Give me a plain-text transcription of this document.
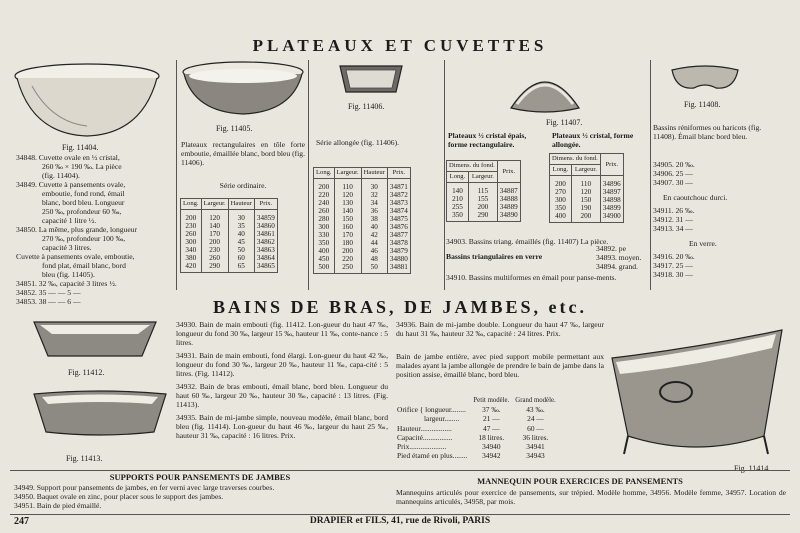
PLATEAUX ET CUVETTES
BAINS DE BRAS, DE JAMBES, etc.
Fig. 11404.
Fig. 11405.
Fig. 11406.
Fig. 11407.
Fig. 11408.
34848. Cuvette ovale en ½ cristal,
260 ‰ × 190 ‰. La pièce
(fig. 11404).
34849. Cuvette à pansements ovale,
emboutie, fond rond, émail
blanc, bord bleu. Longueur
250 ‰, profondeur 60 ‰,
capacité 1 litre ½.
34850. La même, plus grande, longueur
270 ‰, profondeur 100 ‰,
capacité 3 litres.
Cuvette à pansements ovale, emboutie,
fond plat, émail blanc, bord
bleu (fig. 11405).
34851. 32 ‰, capacité 3 litres ½.
34852. 35 — — 5 —
34853. 38 — — 6 —
Plateaux rectangulaires en tôle forte emboutie, émaillée blanc, bord bleu (fig. 11406).
Série ordinaire.
Long.	Largeur.	Hauteur	Prix.
200	120	30	34859
230	140	35	34860
260	170	40	34861
300	200	45	34862
340	230	50	34863
380	260	60	34864
420	290	65	34865

Série allongée (fig. 11406).
Long.	Largeur.	Hauteur	Prix.
200	110	30	34871
220	120	32	34872
240	130	34	34873
260	140	36	34874
280	150	38	34875
300	160	40	34876
330	170	42	34877
350	180	44	34878
400	200	46	34879
450	220	48	34880
500	250	50	34881

Plateaux ½ cristal épais, forme rectangulaire.
Plateaux ½ cristal, forme allongée.
Dimens. du fond.		Prix.
Long.	Largeur.	
140	115	34887
210	155	34888
255	200	34889
350	290	34890

Dimens. du fond.		Prix.
Long.	Largeur.	
200	110	34896
270	120	34897
300	150	34898
350	190	34899
400	200	34900

34903. Bassins triang. émaillés (fig. 11407) La pièce.
Bassins triangulaires en verre
34892. pe
34893. moyen.
34894. grand.
34910. Bassins multiformes en émail pour panse-ments.
Bassins réniformes ou haricots (fig. 11408). Émail blanc bord bleu.
34905. 20 ‰.
34906. 25 —
34907. 30 —
En caoutchouc durci.
34911. 26 ‰.
34912. 31 —
34913. 34 —
En verre.
34916. 20 ‰.
34917. 25 —
34918. 30 —
Fig. 11412.
Fig. 11413.
Fig. 11414.
34930. Bain de main embouti (fig. 11412. Lon-gueur du haut 47 ‰, longueur du fond 30 ‰, largeur 15 ‰, hauteur 11 ‰, conte-nance : 5 litres.
34931. Bain de main embouti, fond élargi. Lon-gueur du haut 42 ‰, longueur du fond 30 ‰, largeur 20 ‰, hauteur 11 ‰, capa-cité : 5 litres. (Fig. 11412).
34932. Bain de bras embouti, émail blanc, bord bleu. Longueur du haut 60 ‰, largeur 20 ‰, hauteur 30 ‰, capacité : 13 litres. (Fig. 11413).
34935. Bain de mi-jambe simple, nouveau modèle, émail blanc, bord bleu (fig. 11414). Lon-gueur du haut 46 ‰, largeur du haut 25 ‰, hauteur 31 ‰, capacité : 16 litres. Prix.
34936. Bain de mi-jambe double. Longueur du haut 47 ‰, largeur du haut 31 ‰, hauteur 32 ‰, capacité : 24 litres. Prix.
Bain de jambe entière, avec pied support mobile permettant aux malades ayant la jambe allongée de prendre le bain de jambe dans la position assise, émaillé blanc, bord bleu.
	Petit modèle.	Grand modèle.
Orifice { longueur........	37 ‰.	43 ‰.
largeur........	21 —	24 —
Hauteur.................	47 —	60 —
Capacité................	18 litres.	36 litres.
Prix....................	34940	34941
Pied étamé en plus........	34942	34943
SUPPORTS POUR PANSEMENTS DE JAMBES
34949. Support pour pansements de jambes, en fer verni avec large traverses courbes.
34950. Baquet ovale en zinc, pour placer sous le support des jambes.
34951. Bain de pied émaillé.
MANNEQUIN POUR EXERCICES DE PANSEMENTS
Mannequins articulés pour exercice de pansements, sur trépied. Modèle homme, 34956. Modèle femme, 34957. Location de mannequins articulés, 34958, par mois.
247	DRAPIER et FILS, 41, rue de Rivoli, PARIS
